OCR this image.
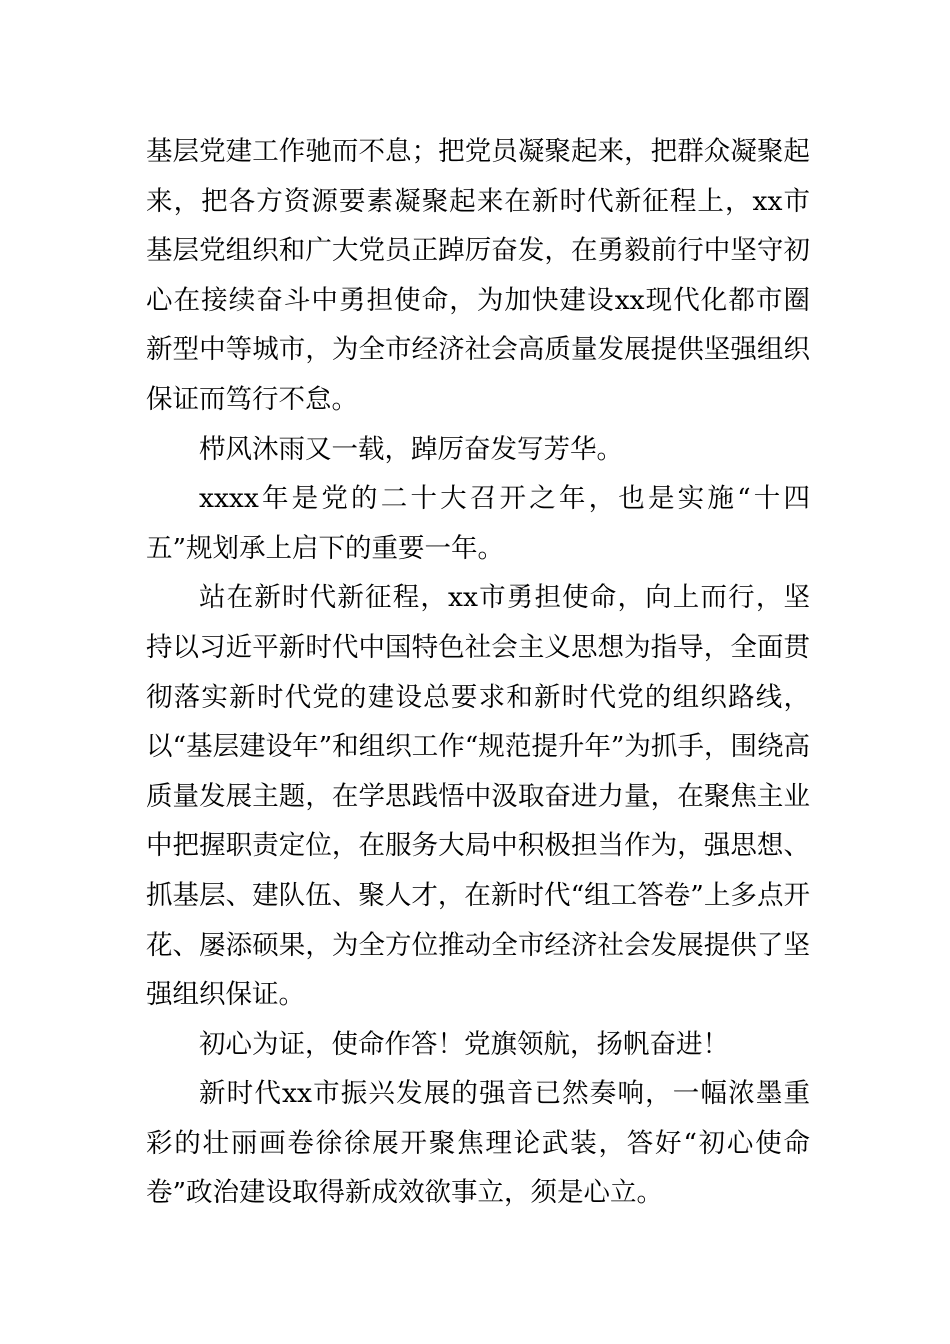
基层党建工作驰而不息；把党员凝聚起来，把群众凝聚起来，把各方资源要素凝聚起来在新时代新征程上，xx市基层党组织和广大党员正踔厉奋发，在勇毅前行中坚守初心在接续奋斗中勇担使命，为加快建设xx现代化都市圈新型中等城市，为全市经济社会高质量发展提供坚强组织保证而笃行不怠。

栉风沐雨又一载，踔厉奋发写芳华。

xxxx年是党的二十大召开之年，也是实施“十四五”规划承上启下的重要一年。

站在新时代新征程，xx市勇担使命，向上而行，坚持以习近平新时代中国特色社会主义思想为指导，全面贯彻落实新时代党的建设总要求和新时代党的组织路线，以“基层建设年”和组织工作“规范提升年”为抓手，围绕高质量发展主题，在学思践悟中汲取奋进力量，在聚焦主业中把握职责定位，在服务大局中积极担当作为，强思想、抓基层、建队伍、聚人才，在新时代“组工答卷”上多点开花、屡添硕果，为全方位推动全市经济社会发展提供了坚强组织保证。

初心为证，使命作答！党旗领航，扬帆奋进！

新时代xx市振兴发展的强音已然奏响，一幅浓墨重彩的壮丽画卷徐徐展开聚焦理论武装，答好“初心使命卷”政治建设取得新成效欲事立，须是心立。
